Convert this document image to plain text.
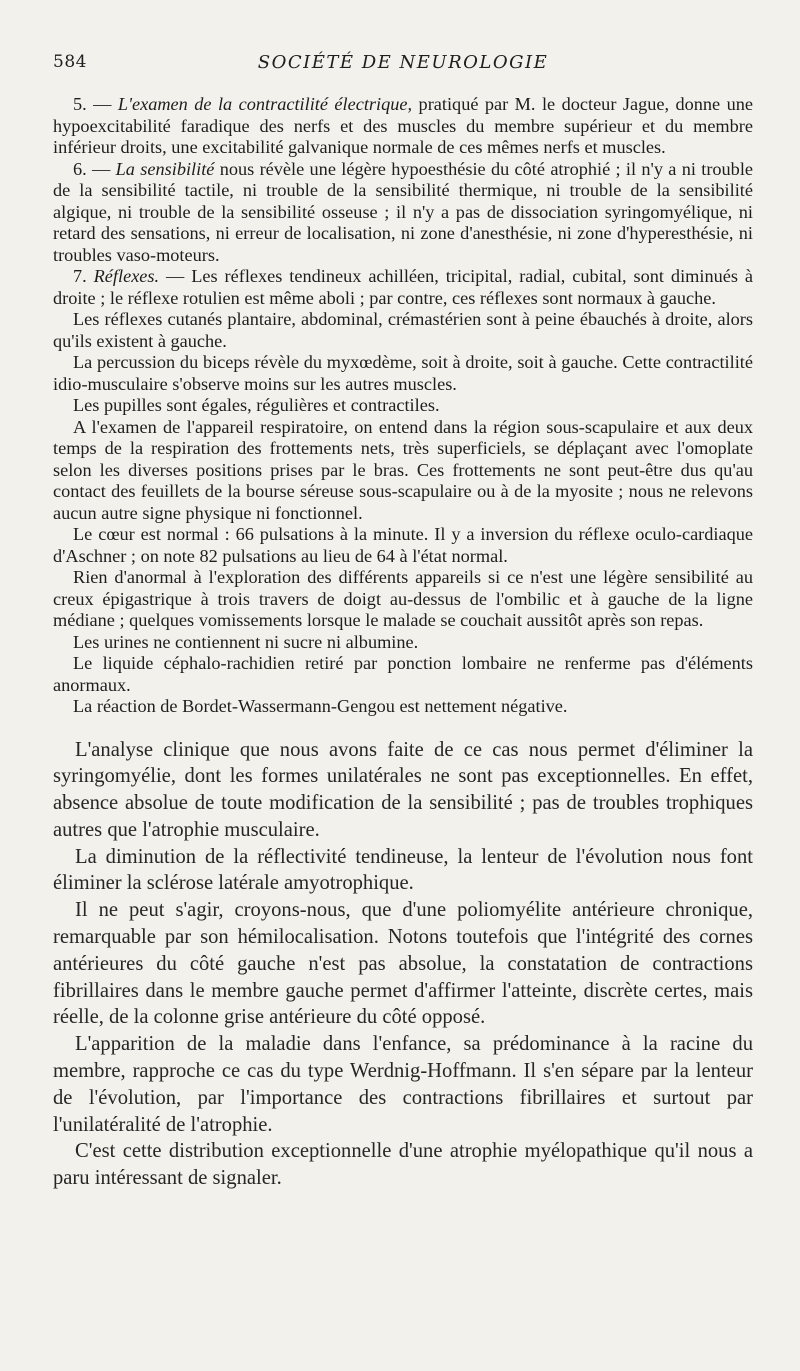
584	SOCIÉTÉ DE NEUROLOGIE

5. — L'examen de la contractilité électrique, pratiqué par M. le docteur Jague, donne une hypoexcitabilité faradique des nerfs et des muscles du membre supérieur et du membre inférieur droits, une excitabilité galvanique normale de ces mêmes nerfs et muscles.

6. — La sensibilité nous révèle une légère hypoesthésie du côté atrophié ; il n'y a ni trouble de la sensibilité tactile, ni trouble de la sensibilité thermique, ni trouble de la sensibilité algique, ni trouble de la sensibilité osseuse ; il n'y a pas de dissociation syringomyélique, ni retard des sensations, ni erreur de localisation, ni zone d'anesthésie, ni zone d'hyperesthésie, ni troubles vaso-moteurs.

7. Réflexes. — Les réflexes tendineux achilléen, tricipital, radial, cubital, sont diminués à droite ; le réflexe rotulien est même aboli ; par contre, ces réflexes sont normaux à gauche.

Les réflexes cutanés plantaire, abdominal, crémastérien sont à peine ébauchés à droite, alors qu'ils existent à gauche.

La percussion du biceps révèle du myxœdème, soit à droite, soit à gauche. Cette contractilité idio-musculaire s'observe moins sur les autres muscles.

Les pupilles sont égales, régulières et contractiles.

A l'examen de l'appareil respiratoire, on entend dans la région sous-scapulaire et aux deux temps de la respiration des frottements nets, très superficiels, se déplaçant avec l'omoplate selon les diverses positions prises par le bras. Ces frottements ne sont peut-être dus qu'au contact des feuillets de la bourse séreuse sous-scapulaire ou à de la myosite ; nous ne relevons aucun autre signe physique ni fonctionnel.

Le cœur est normal : 66 pulsations à la minute. Il y a inversion du réflexe oculo-cardiaque d'Aschner ; on note 82 pulsations au lieu de 64 à l'état normal.

Rien d'anormal à l'exploration des différents appareils si ce n'est une légère sensibilité au creux épigastrique à trois travers de doigt au-dessus de l'ombilic et à gauche de la ligne médiane ; quelques vomissements lorsque le malade se couchait aussitôt après son repas.

Les urines ne contiennent ni sucre ni albumine.

Le liquide céphalo-rachidien retiré par ponction lombaire ne renferme pas d'éléments anormaux.

La réaction de Bordet-Wassermann-Gengou est nettement négative.

L'analyse clinique que nous avons faite de ce cas nous permet d'éliminer la syringomyélie, dont les formes unilatérales ne sont pas exceptionnelles. En effet, absence absolue de toute modification de la sensibilité ; pas de troubles trophiques autres que l'atrophie musculaire.

La diminution de la réflectivité tendineuse, la lenteur de l'évolution nous font éliminer la sclérose latérale amyotrophique.

Il ne peut s'agir, croyons-nous, que d'une poliomyélite antérieure chronique, remarquable par son hémilocalisation. Notons toutefois que l'intégrité des cornes antérieures du côté gauche n'est pas absolue, la constatation de contractions fibrillaires dans le membre gauche permet d'affirmer l'atteinte, discrète certes, mais réelle, de la colonne grise antérieure du côté opposé.

L'apparition de la maladie dans l'enfance, sa prédominance à la racine du membre, rapproche ce cas du type Werdnig-Hoffmann. Il s'en sépare par la lenteur de l'évolution, par l'importance des contractions fibrillaires et surtout par l'unilatéralité de l'atrophie.

C'est cette distribution exceptionnelle d'une atrophie myélopathique qu'il nous a paru intéressant de signaler.
